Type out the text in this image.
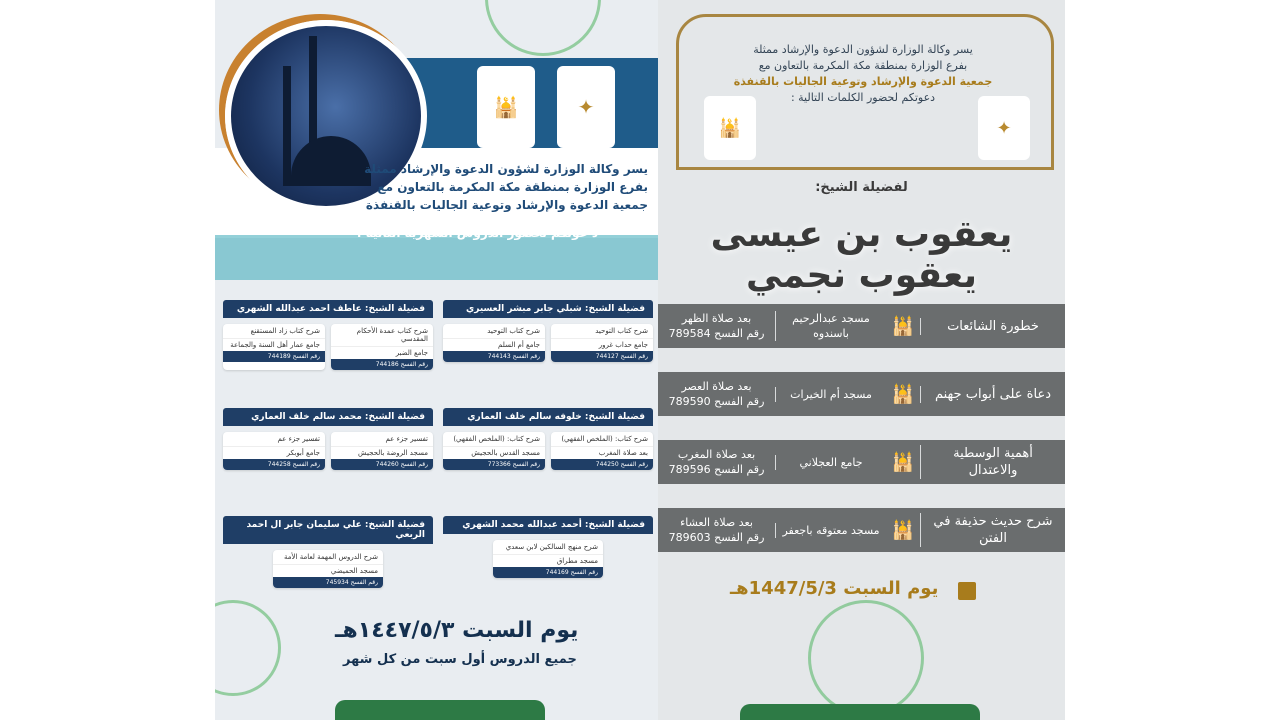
🕌	✦
يسر وكالة الوزارة لشؤون الدعوة والإرشاد ممثلة
بفرع الوزارة بمنطقة مكة المكرمة بالتعاون مع
جمعية الدعوة والإرشاد وتوعية الجاليات بالقنفذة
د عوتكم لحضور الدروس الشهرية التالية :
فضيلة الشيخ: شبلي جابر مبشر العسيري
شرح كتاب التوحيد
جامع حداب غرور
رقم الفسح 744127
شرح كتاب التوحيد
جامع أم السلم
رقم الفسح 744143
فضيلة الشيخ: عاطف احمد عبدالله الشهري
شرح كتاب عمدة الأحكام المقدسي
جامع الضبر
رقم الفسح 744186
شرح كتاب زاد المستقنع
جامع عمار أهل السنة والجماعة
رقم الفسح 744189
فضيلة الشيخ: خلوفه سالم خلف العماري
شرح كتاب: (الملخص الفقهي)
بعد صلاة المغرب
رقم الفسح 744250
شرح كتاب: (الملخص الفقهي)
مسجد القدس بالحجيش
رقم الفسح 773366
فضيلة الشيخ: محمد سالم خلف العماري
تفسير جزء عم
مسجد الروضة بالحجيش
رقم الفسح 744260
تفسير جزء عم
جامع أبوبكر
رقم الفسح 744258
فضيلة الشيخ: أحمد عبدالله محمد الشهري
شرح منهج السالكين لابن سعدي
مسجد مطراق
رقم الفسح 744169
فضيلة الشيخ: علي سليمان جابر ال احمد الربعي
شرح الدروس المهمة لعامة الأمة
مسجد الحميضي
رقم الفسح 745934
يوم السبت ١٤٤٧/٥/٣هـ
جميع الدروس أول سبت من كل شهر
يسر وكالة الوزارة لشؤون الدعوة والإرشاد ممثلة
بفرع الوزارة بمنطقة مكة المكرمة بالتعاون مع
جمعية الدعوة والإرشاد وتوعية الجاليات بالقنفذة
دعوتكم لحضور الكلمات التالية :
🕌	✦
لفضيلة الشيخ:
يعقوب بن عيسى يعقوب نجمي
خطورة الشائعات
🕌
مسجد عبدالرحيم باسندوه
بعد صلاة الظهر
رقم الفسح 789584
دعاة على أبواب جهنم
🕌
مسجد أم الخيرات
بعد صلاة العصر
رقم الفسح 789590
أهمية الوسطية والاعتدال
🕌
جامع العجلاني
بعد صلاة المغرب
رقم الفسح 789596
شرح حديث حذيفة في الفتن
🕌
مسجد معتوقه باجعفر
بعد صلاة العشاء
رقم الفسح 789603
يوم السبت 1447/5/3هـ
